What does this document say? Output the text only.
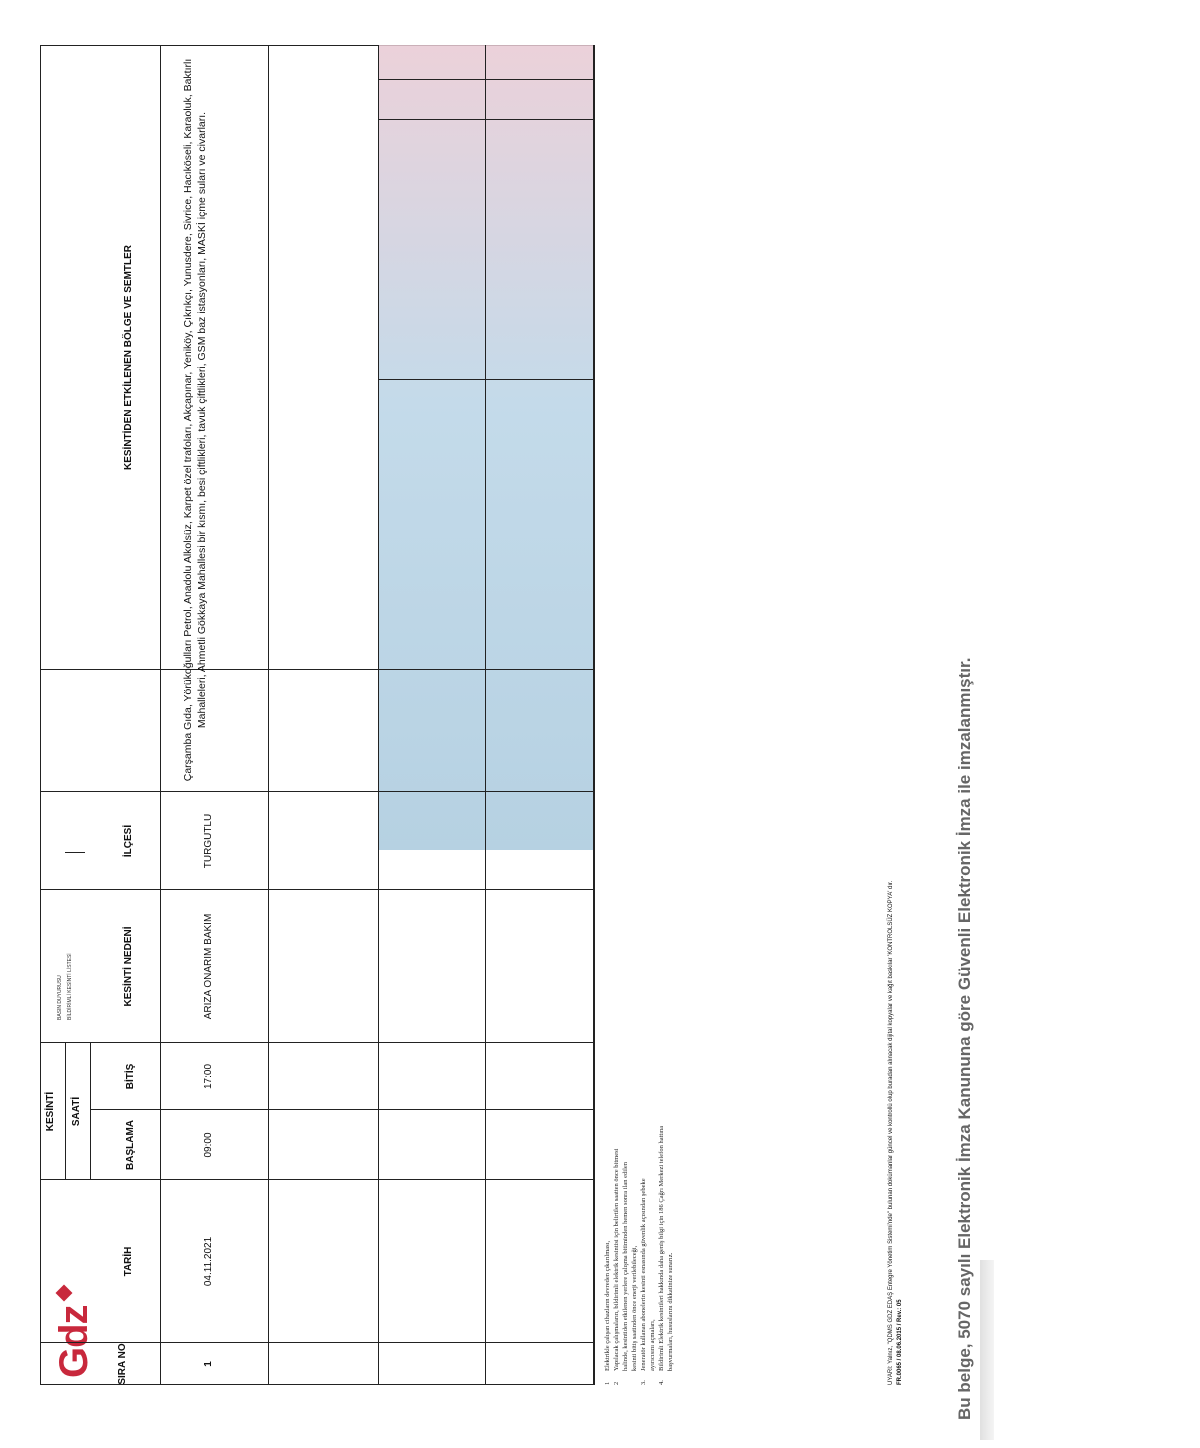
Gdz
BASIN DUYURUSU BİLDİRİMLİ KESİNTİ LİSTESİ
SIRA NO
TARİH
KESİNTİ SAATİ
BAŞLAMA
BİTİŞ
KESİNTİ NEDENİ
İLÇESİ
KESİNTİDEN ETKİLENEN BÖLGE VE SEMTLER
1
04.11.2021
09:00
17:00
ARIZA ONARIM BAKIM
TURGUTLU
Çarşamba Gıda, Yörükoğulları Petrol, Anadolu Alkolsüz, Karpet özel trafoları, Akçapınar, Yeniköy, Çıkrıkçı, Yunusdere, Sivrice, Hacıköseli, Karaoluk, Baktırlı Mahalleleri, Ahmetli Gökkaya Mahallesi bir kısmı, besi çiftlikleri, tavuk çiftlikleri, GSM baz istasyonları, MASKİ içme suları ve civarları.
1
Elektrikle çalışan cihazların devreden çıkarılması,
2
Yapılacak çalışmaların, bildirimli elektrik kesintisi için belirtilen saatten önce bitmesi halinde, kesintiden etkilenen yerlere çalışma bitiminden hemen sonra ilan edilen kesinti bitiş saatinden önce enerji verilebileceği,
3.
Jeneratör kullanan abonelerin kesinti esnasında güvenlik açısından şebeke ayırıcısını açmaları,
4.
Bildirimli Elektrik kesintileri hakkında daha geniş bilgi için 186 Çağrı Merkezi telefon hattına başvurmaları, hususlarını dikkatinize sunarız.	UYARI: Yalnız, "QDMS GDZ EDAŞ Entegre Yönetim Sistemi'nde" bulunan dokümanlar güncel ve kontrollü olup buradan alınacak dijital kopyalar ve kağıt baskılar 'KONTROLSÜZ KOPYA' dır. FR.0065 / 08.06.2015 / Rev.: 05	Bu belge, 5070 sayılı Elektronik İmza Kanununa göre Güvenli Elektronik İmza ile imzalanmıştır.
